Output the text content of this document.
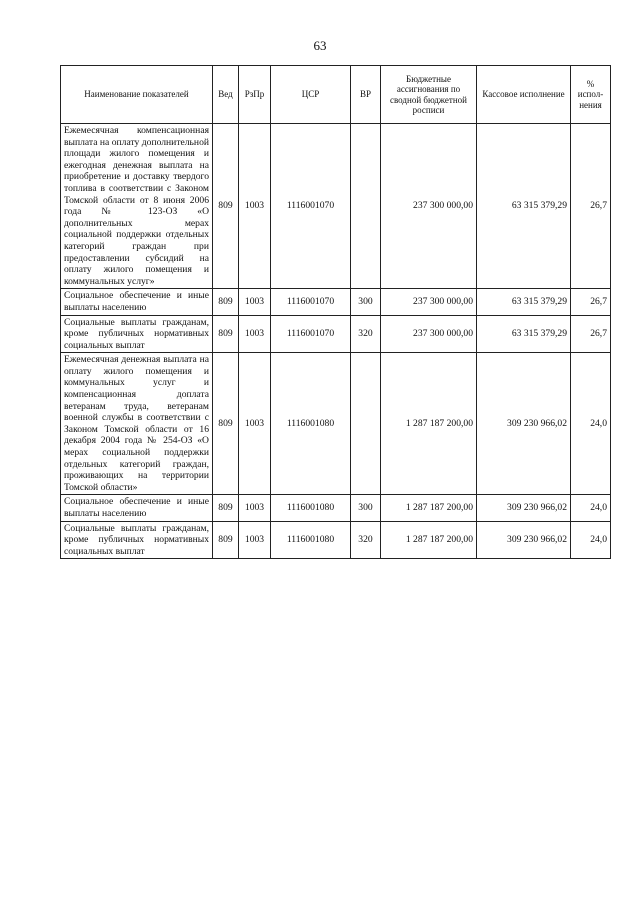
63
Наименование показателей	Вед	РзПр	ЦСР	ВР	Бюджетные ассигнования по сводной бюджетной росписи	Кассовое исполнение	% испол-нения
Ежемесячная компенсационная выплата на оплату дополнительной площади жилого помещения и ежегодная денежная выплата на приобретение и доставку твердого топлива в соответствии с Законом Томской области от 8 июня 2006 года № 123-ОЗ «О дополнительных мерах социальной поддержки отдельных категорий граждан при предоставлении субсидий на оплату жилого помещения и коммунальных услуг»	809	1003	1116001070		237 300 000,00	63 315 379,29	26,7
Социальное обеспечение и иные выплаты населению	809	1003	1116001070	300	237 300 000,00	63 315 379,29	26,7
Социальные выплаты гражданам, кроме публичных нормативных социальных выплат	809	1003	1116001070	320	237 300 000,00	63 315 379,29	26,7
Ежемесячная денежная выплата на оплату жилого помещения и коммунальных услуг и компенсационная доплата ветеранам труда, ветеранам военной службы в соответствии с Законом Томской области от 16 декабря 2004 года № 254-ОЗ «О мерах социальной поддержки отдельных категорий граждан, проживающих на территории Томской области»	809	1003	1116001080		1 287 187 200,00	309 230 966,02	24,0
Социальное обеспечение и иные выплаты населению	809	1003	1116001080	300	1 287 187 200,00	309 230 966,02	24,0
Социальные выплаты гражданам, кроме публичных нормативных социальных выплат	809	1003	1116001080	320	1 287 187 200,00	309 230 966,02	24,0
